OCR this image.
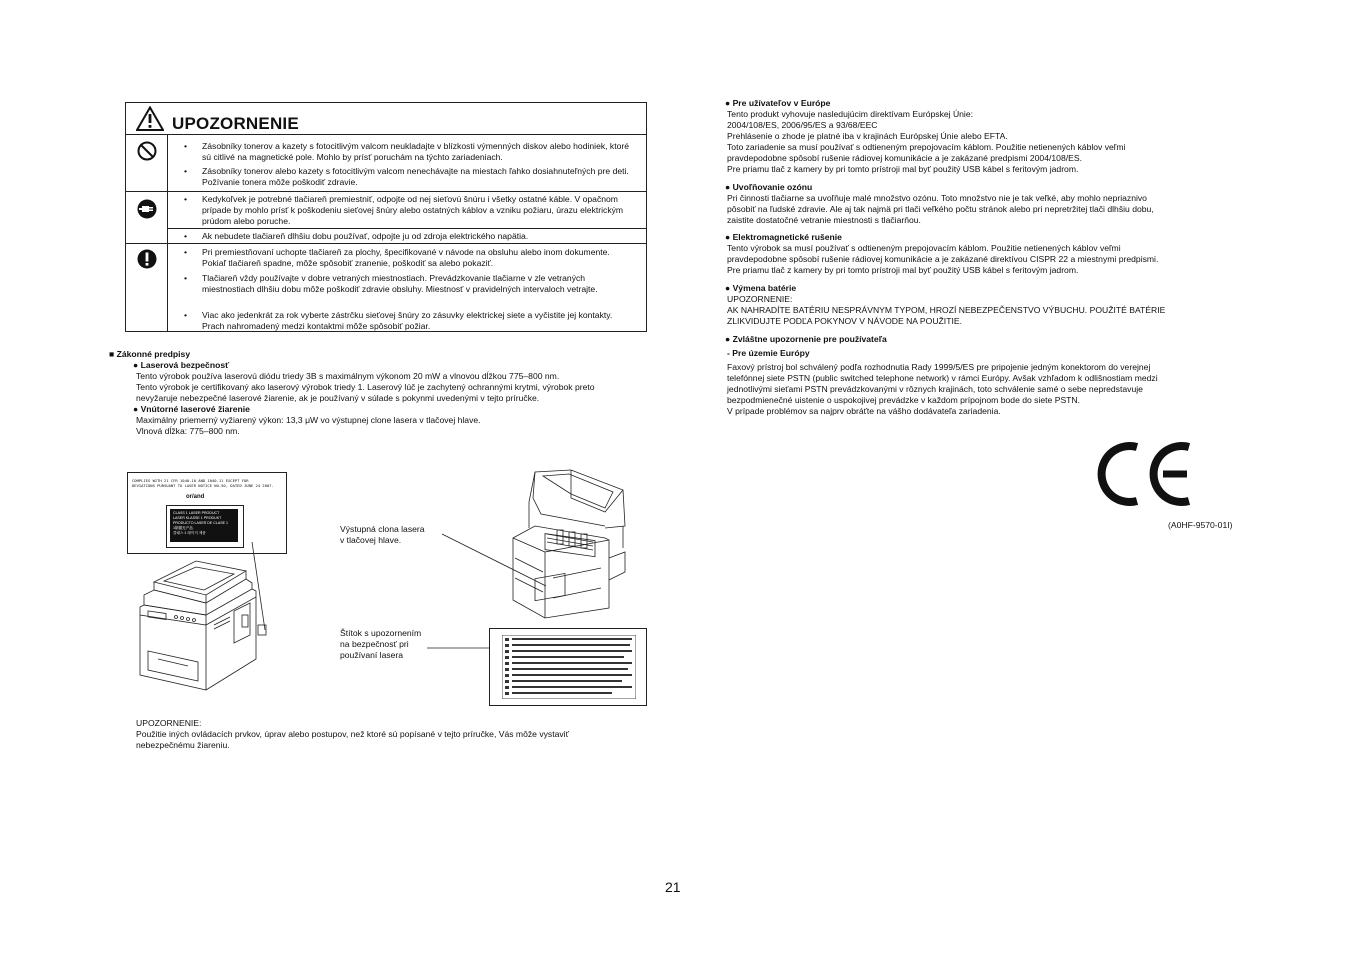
UPOZORNENIE
• Zásobníky tonerov a kazety s fotocitlivým valcom neukladajte v blízkosti výmenných diskov alebo hodiniek, ktoré sú citlivé na magnetické pole. Mohlo by prísť poruchám na týchto zariadeniach.
• Zásobníky tonerov alebo kazety s fotocitlivým valcom nenechávajte na miestach ľahko dosiahnuteľných pre deti. Požívanie tonera môže poškodiť zdravie.
• Kedykoľvek je potrebné tlačiareň premiestniť, odpojte od nej sieťovú šnúru i všetky ostatné káble. V opačnom prípade by mohlo prísť k poškodeniu sieťovej šnúry alebo ostatných káblov a vzniku požiaru, úrazu elektrickým prúdom alebo poruche.
• Ak nebudete tlačiareň dlhšiu dobu používať, odpojte ju od zdroja elektrického napätia.
• Pri premiestňovaní uchopte tlačiareň za plochy, špecifikované v návode na obsluhu alebo inom dokumente. Pokiaľ tlačiareň spadne, môže spôsobiť zranenie, poškodiť sa alebo pokaziť.
• Tlačiareň vždy používajte v dobre vetraných miestnostiach. Prevádzkovanie tlačiarne v zle vetraných miestnostiach dlhšiu dobu môže poškodiť zdravie obsluhy. Miestnosť v pravidelných intervaloch vetrajte.
• Viac ako jedenkrát za rok vyberte zástrčku sieťovej šnúry zo zásuvky elektrickej siete a vyčistite jej kontakty. Prach nahromadený medzi kontaktmi môže spôsobiť požiar.
■ Zákonné predpisy
● Laserová bezpečnosť
Tento výrobok používa laserovú diódu triedy 3B s maximálnym výkonom 20 mW a vlnovou dĺžkou 775–800 nm.
Tento výrobok je certifikovaný ako laserový výrobok triedy 1. Laserový lúč je zachytený ochrannými krytmi, výrobok preto
nevyžaruje nebezpečné laserové žiarenie, ak je používaný v súlade s pokynmi uvedenými v tejto príručke.
● Vnútorné laserové žiarenie
Maximálny priemerný vyžiarený výkon: 13,3 μW vo výstupnej clone lasera v tlačovej hlave.
Vlnová dĺžka: 775–800 nm.
COMPLIES WITH 21 CFR 1040.10 AND 1040.11 EXCEPT FOR
DEVIATIONS PURSUANT TO LASER NOTICE NO.50, DATED JUNE 24 2007.
or/and
CLASS 1 LASER PRODUCT
LASER KLASSE 1 PRODUKT
PRODUCTO LASER DE CLASE 1
1類激光产品
클래스 1 레이저 제품	Výstupná clona lasera
v tlačovej hlave.
Štítok s upozornením
na bezpečnosť pri
používaní lasera
UPOZORNENIE:
Použitie iných ovládacích prvkov, úprav alebo postupov, než ktoré sú popísané v tejto príručke, Vás môže vystaviť
nebezpečnému žiareniu.
● Pre užívateľov v Európe
Tento produkt vyhovuje nasledujúcim direktívam Európskej Únie:
2004/108/ES, 2006/95/ES a 93/68/EEC
Prehlásenie o zhode je platné iba v krajinách Európskej Únie alebo EFTA.
Toto zariadenie sa musí používať s odtieneným prepojovacím káblom. Použitie netienených káblov veľmi
pravdepodobne spôsobí rušenie rádiovej komunikácie a je zakázané predpismi 2004/108/ES.
Pre priamu tlač z kamery by pri tomto prístroji mal byť použitý USB kábel s feritovým jadrom.
● Uvoľňovanie ozónu
Pri činnosti tlačiarne sa uvoľňuje malé množstvo ozónu. Toto množstvo nie je tak veľké, aby mohlo nepriaznivo
pôsobiť na ľudské zdravie. Ale aj tak najmä pri tlači veľkého počtu stránok alebo pri nepretržitej tlači dlhšiu dobu,
zaistite dostatočné vetranie miestnosti s tlačiarňou.
● Elektromagnetické rušenie
Tento výrobok sa musí používať s odtieneným prepojovacím káblom. Použitie netienených káblov veľmi
pravdepodobne spôsobí rušenie rádiovej komunikácie a je zakázané direktívou CISPR 22 a miestnymi predpismi.
Pre priamu tlač z kamery by pri tomto prístroji mal byť použitý USB kábel s feritovým jadrom.
● Výmena batérie
UPOZORNENIE:
AK NAHRADÍTE BATÉRIU NESPRÁVNYM TYPOM, HROZÍ NEBEZPEČENSTVO VÝBUCHU. POUŽITÉ BATÉRIE
ZLIKVIDUJTE PODĽA POKYNOV V NÁVODE NA POUŽITIE.
● Zvláštne upozornenie pre používateľa
- Pre územie Európy
Faxový prístroj bol schválený podľa rozhodnutia Rady 1999/5/ES pre pripojenie jedným konektorom do verejnej
telefónnej siete PSTN (public switched telephone network) v rámci Európy. Avšak vzhľadom k odlišnostiam medzi
jednotlivými sieťami PSTN prevádzkovanými v rôznych krajinách, toto schválenie samé o sebe nepredstavuje
bezpodmienečné uistenie o uspokojivej prevádzke v každom prípojnom bode do siete PSTN.
V prípade problémov sa najprv obráťte na vášho dodávateľa zariadenia.
(A0HF-9570-01I)
21
